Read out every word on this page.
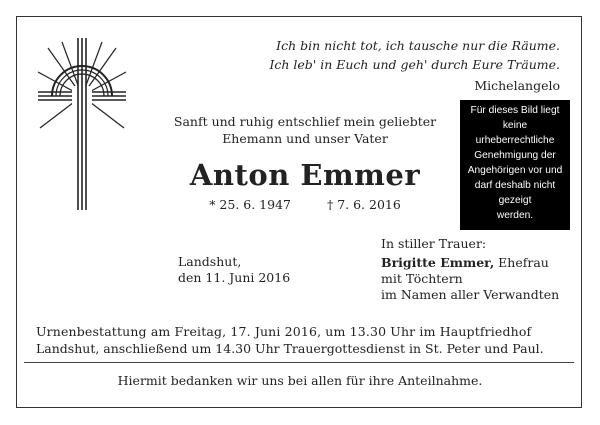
Ich bin nicht tot, ich tausche nur die Räume.
Ich leb' in Euch und geh' durch Eure Träume.
Michelangelo
Sanft und ruhig entschlief mein geliebter
Ehemann und unser Vater
Anton Emmer
* 25. 6. 1947	† 7. 6. 2016
Landshut,
den 11. Juni 2016
In stiller Trauer:
Brigitte Emmer, Ehefrau
mit Töchtern
im Namen aller Verwandten
Urnenbestattung am Freitag, 17. Juni 2016, um 13.30 Uhr im Hauptfriedhof
Landshut, anschließend um 14.30 Uhr Trauergottesdienst in St. Peter und Paul.
Hiermit bedanken wir uns bei allen für ihre Anteilnahme.
Für dieses Bild liegt
keine
urheberrechtliche
Genehmigung der
Angehörigen vor und
darf deshalb nicht
gezeigt
werden.
